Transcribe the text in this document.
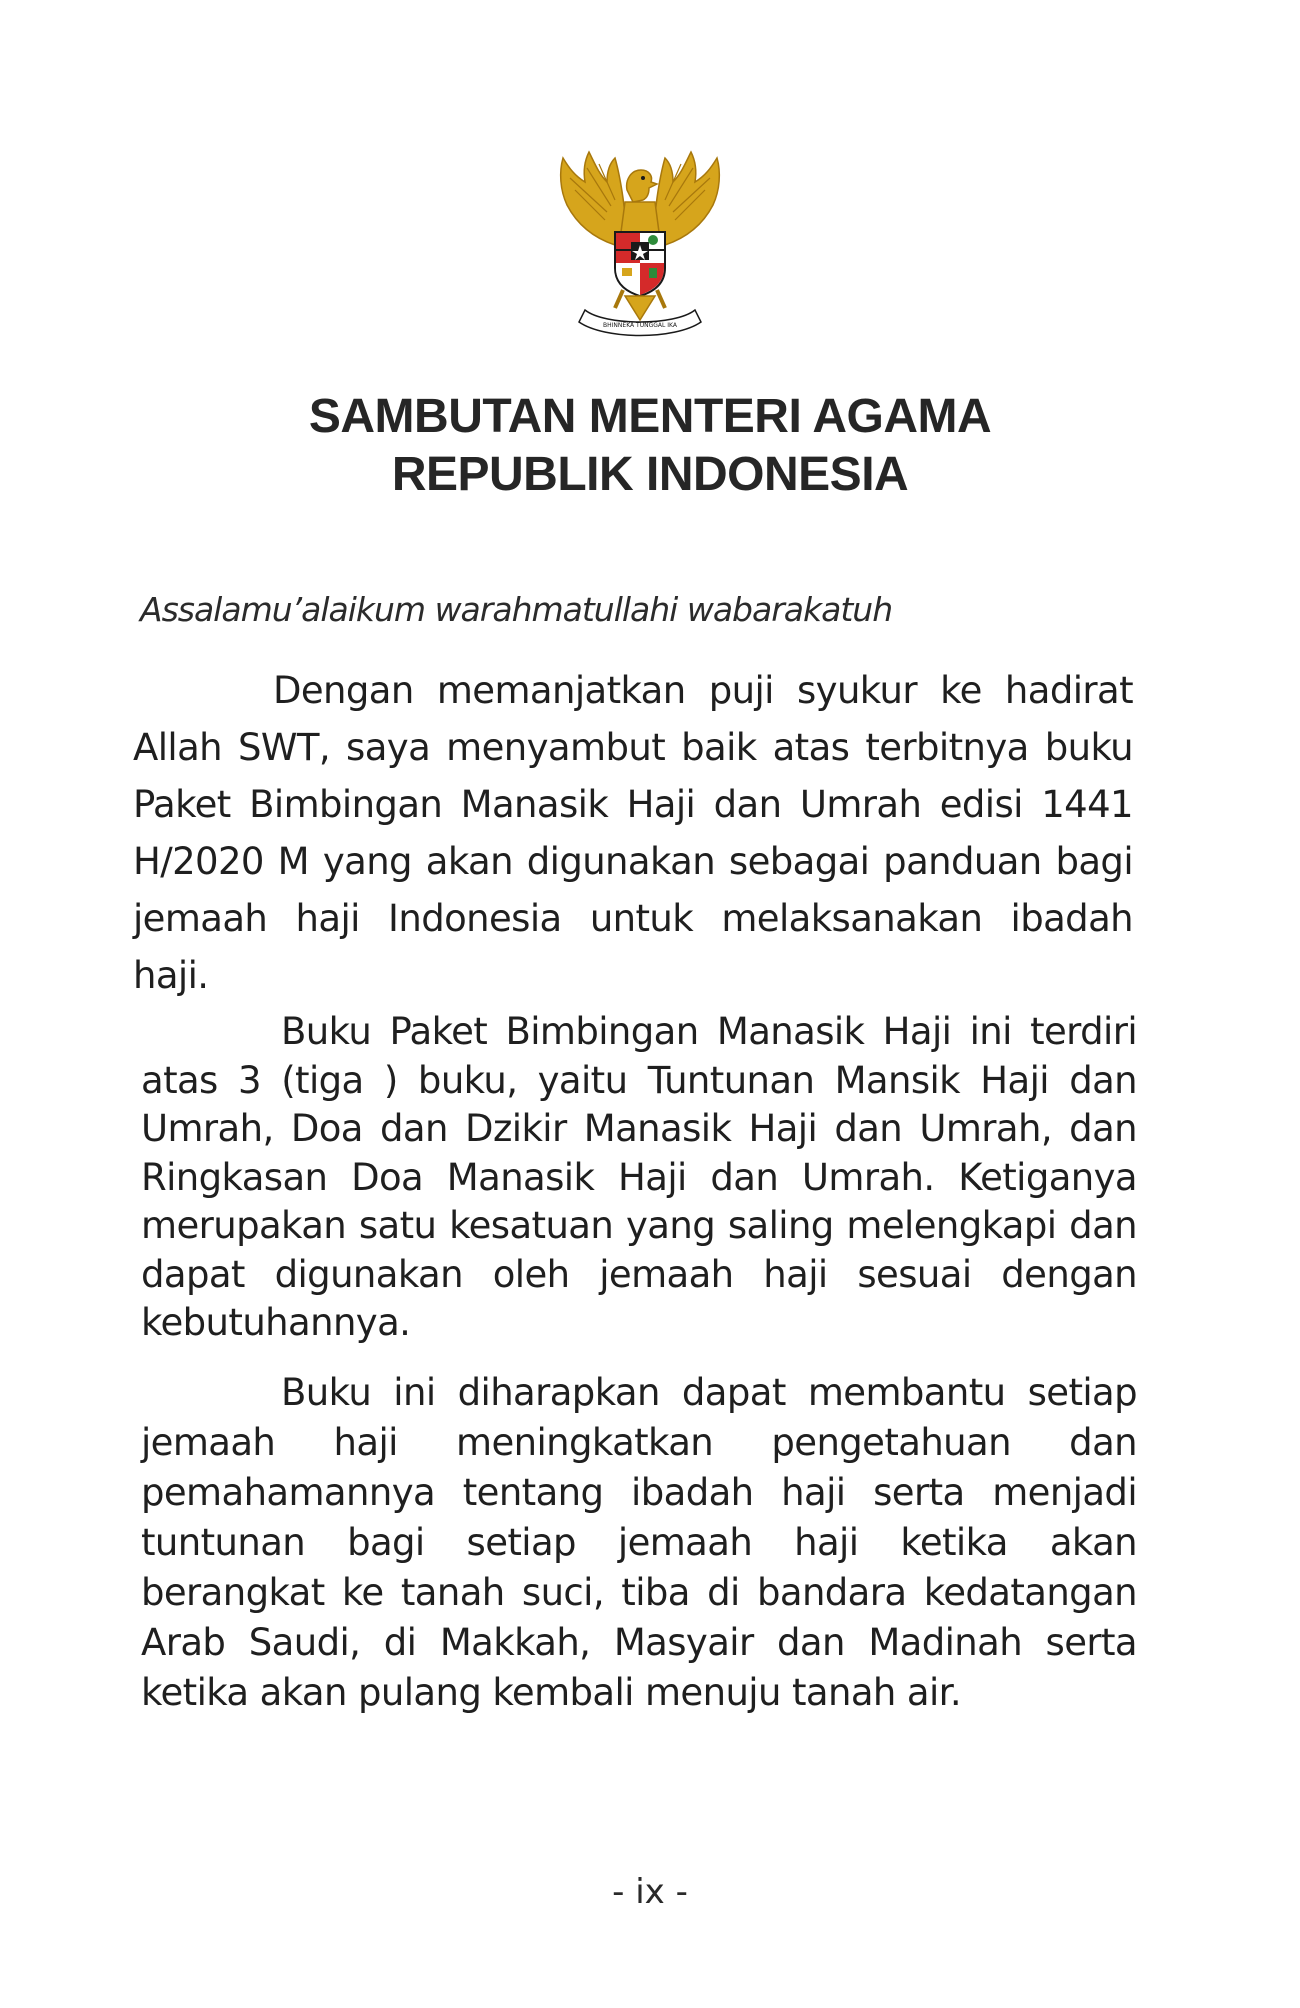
BHINNEKA TUNGGAL IKA
SAMBUTAN MENTERI AGAMA
REPUBLIK INDONESIA
Assalamu’alaikum warahmatullahi wabarakatuh

Dengan memanjatkan puji syukur ke hadirat Allah SWT, saya menyambut baik atas terbitnya buku Paket Bimbingan Manasik Haji dan Umrah edisi 1441 H/2020 M yang akan digunakan sebagai panduan bagi jemaah haji Indonesia untuk melaksanakan ibadah haji.

Buku Paket Bimbingan Manasik Haji ini terdiri atas 3 (tiga ) buku, yaitu Tuntunan Mansik Haji dan Umrah, Doa dan Dzikir Manasik Haji dan Umrah, dan Ringkasan Doa Manasik Haji dan Umrah. Ketiganya merupakan satu kesatuan yang saling melengkapi dan dapat digunakan oleh jemaah haji sesuai dengan kebutuhannya.

Buku ini diharapkan dapat membantu setiap jemaah haji meningkatkan pengetahuan dan pemahamannya tentang ibadah haji serta menjadi tuntunan bagi setiap jemaah haji ketika akan berangkat ke tanah suci, tiba di bandara kedatangan Arab Saudi, di Makkah, Masyair dan Madinah serta ketika akan pulang kembali menuju tanah air.

- ix -
